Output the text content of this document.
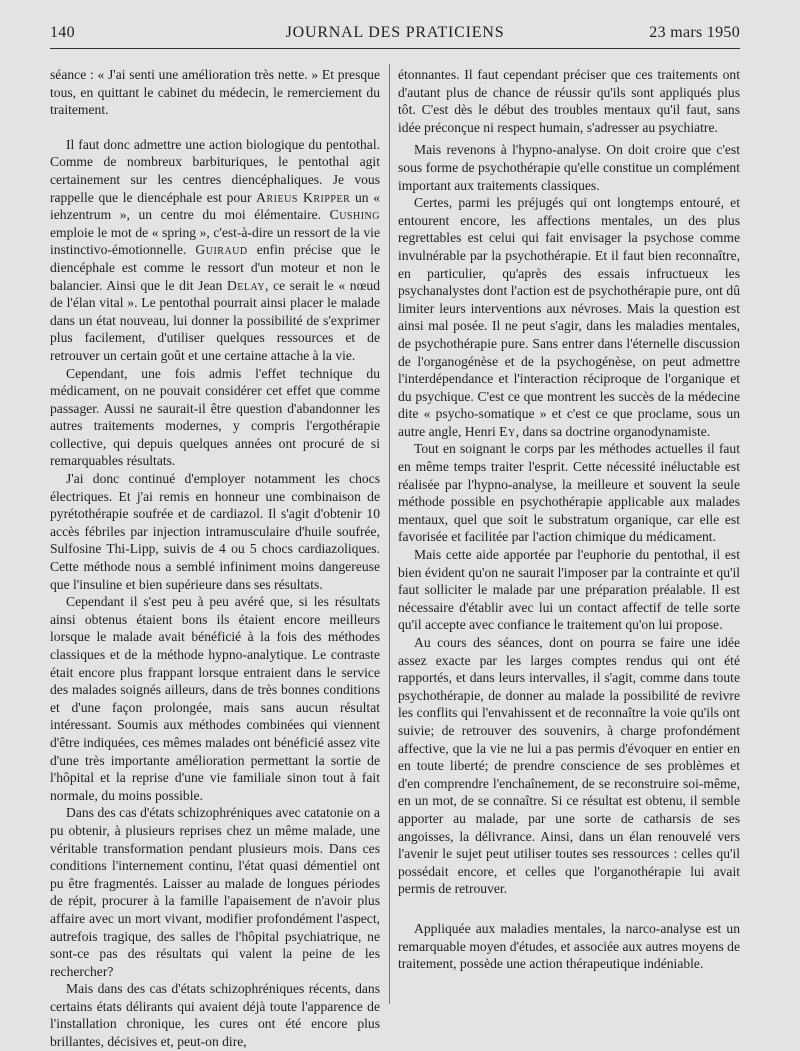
140	JOURNAL DES PRATICIENS	23 mars 1950

séance : « J'ai senti une amélioration très nette. » Et presque tous, en quittant le cabinet du médecin, le remerciement du traitement.

Il faut donc admettre une action biologique du pentothal. Comme de nombreux barbituriques, le pentothal agit certainement sur les centres diencéphaliques. Je vous rappelle que le diencéphale est pour Arieus Kripper un « iehzentrum », un centre du moi élémentaire. Cushing emploie le mot de « spring », c'est-à-dire un ressort de la vie instinctivo-émotionnelle. Guiraud enfin précise que le diencéphale est comme le ressort d'un moteur et non le balancier. Ainsi que le dit Jean Delay, ce serait le « nœud de l'élan vital ». Le pentothal pourrait ainsi placer le malade dans un état nouveau, lui donner la possibilité de s'exprimer plus facilement, d'utiliser quelques ressources et de retrouver un certain goût et une certaine attache à la vie.

Cependant, une fois admis l'effet technique du médicament, on ne pouvait considérer cet effet que comme passager. Aussi ne saurait-il être question d'abandonner les autres traitements modernes, y compris l'ergothérapie collective, qui depuis quelques années ont procuré de si remarquables résultats.

J'ai donc continué d'employer notamment les chocs électriques. Et j'ai remis en honneur une combinaison de pyrétothérapie soufrée et de cardiazol. Il s'agit d'obtenir 10 accès fébriles par injection intramusculaire d'huile soufrée, Sulfosine Thi-Lipp, suivis de 4 ou 5 chocs cardiazoliques. Cette méthode nous a semblé infiniment moins dangereuse que l'insuline et bien supérieure dans ses résultats.

Cependant il s'est peu à peu avéré que, si les résultats ainsi obtenus étaient bons ils étaient encore meilleurs lorsque le malade avait bénéficié à la fois des méthodes classiques et de la méthode hypno-analytique. Le contraste était encore plus frappant lorsque entraient dans le service des malades soignés ailleurs, dans de très bonnes conditions et d'une façon prolongée, mais sans aucun résultat intéressant. Soumis aux méthodes combinées qui viennent d'être indiquées, ces mêmes malades ont bénéficié assez vite d'une très importante amélioration permettant la sortie de l'hôpital et la reprise d'une vie familiale sinon tout à fait normale, du moins possible.

Dans des cas d'états schizophréniques avec catatonie on a pu obtenir, à plusieurs reprises chez un même malade, une véritable transformation pendant plusieurs mois. Dans ces conditions l'internement continu, l'état quasi démentiel ont pu être fragmentés. Laisser au malade de longues périodes de répit, procurer à la famille l'apaisement de n'avoir plus affaire avec un mort vivant, modifier profondément l'aspect, autrefois tragique, des salles de l'hôpital psychiatrique, ne sont-ce pas des résultats qui valent la peine de les rechercher?

Mais dans des cas d'états schizophréniques récents, dans certains états délirants qui avaient déjà toute l'apparence de l'installation chronique, les cures ont été encore plus brillantes, décisives et, peut-on dire,

étonnantes. Il faut cependant préciser que ces traitements ont d'autant plus de chance de réussir qu'ils sont appliqués plus tôt. C'est dès le début des troubles mentaux qu'il faut, sans idée préconçue ni respect humain, s'adresser au psychiatre.

Mais revenons à l'hypno-analyse. On doit croire que c'est sous forme de psychothérapie qu'elle constitue un complément important aux traitements classiques.

Certes, parmi les préjugés qui ont longtemps entouré, et entourent encore, les affections mentales, un des plus regrettables est celui qui fait envisager la psychose comme invulnérable par la psychothérapie. Et il faut bien reconnaître, en particulier, qu'après des essais infructueux les psychanalystes dont l'action est de psychothérapie pure, ont dû limiter leurs interventions aux névroses. Mais la question est ainsi mal posée. Il ne peut s'agir, dans les maladies mentales, de psychothérapie pure. Sans entrer dans l'éternelle discussion de l'organogénèse et de la psychogénèse, on peut admettre l'interdépendance et l'interaction réciproque de l'organique et du psychique. C'est ce que montrent les succès de la médecine dite « psycho-somatique » et c'est ce que proclame, sous un autre angle, Henri Ey, dans sa doctrine organodynamiste.

Tout en soignant le corps par les méthodes actuelles il faut en même temps traiter l'esprit. Cette nécessité inéluctable est réalisée par l'hypno-analyse, la meilleure et souvent la seule méthode possible en psychothérapie applicable aux malades mentaux, quel que soit le substratum organique, car elle est favorisée et facilitée par l'action chimique du médicament.

Mais cette aide apportée par l'euphorie du pentothal, il est bien évident qu'on ne saurait l'imposer par la contrainte et qu'il faut solliciter le malade par une préparation préalable. Il est nécessaire d'établir avec lui un contact affectif de telle sorte qu'il accepte avec confiance le traitement qu'on lui propose.

Au cours des séances, dont on pourra se faire une idée assez exacte par les larges comptes rendus qui ont été rapportés, et dans leurs intervalles, il s'agit, comme dans toute psychothérapie, de donner au malade la possibilité de revivre les conflits qui l'envahissent et de reconnaître la voie qu'ils ont suivie; de retrouver des souvenirs, à charge profondément affective, que la vie ne lui a pas permis d'évoquer en entier en en toute liberté; de prendre conscience de ses problèmes et d'en comprendre l'enchaînement, de se reconstruire soi-même, en un mot, de se connaître. Si ce résultat est obtenu, il semble apporter au malade, par une sorte de catharsis de ses angoisses, la délivrance. Ainsi, dans un élan renouvelé vers l'avenir le sujet peut utiliser toutes ses ressources : celles qu'il possédait encore, et celles que l'organothérapie lui avait permis de retrouver.

Appliquée aux maladies mentales, la narco-analyse est un remarquable moyen d'études, et associée aux autres moyens de traitement, possède une action thérapeutique indéniable.
